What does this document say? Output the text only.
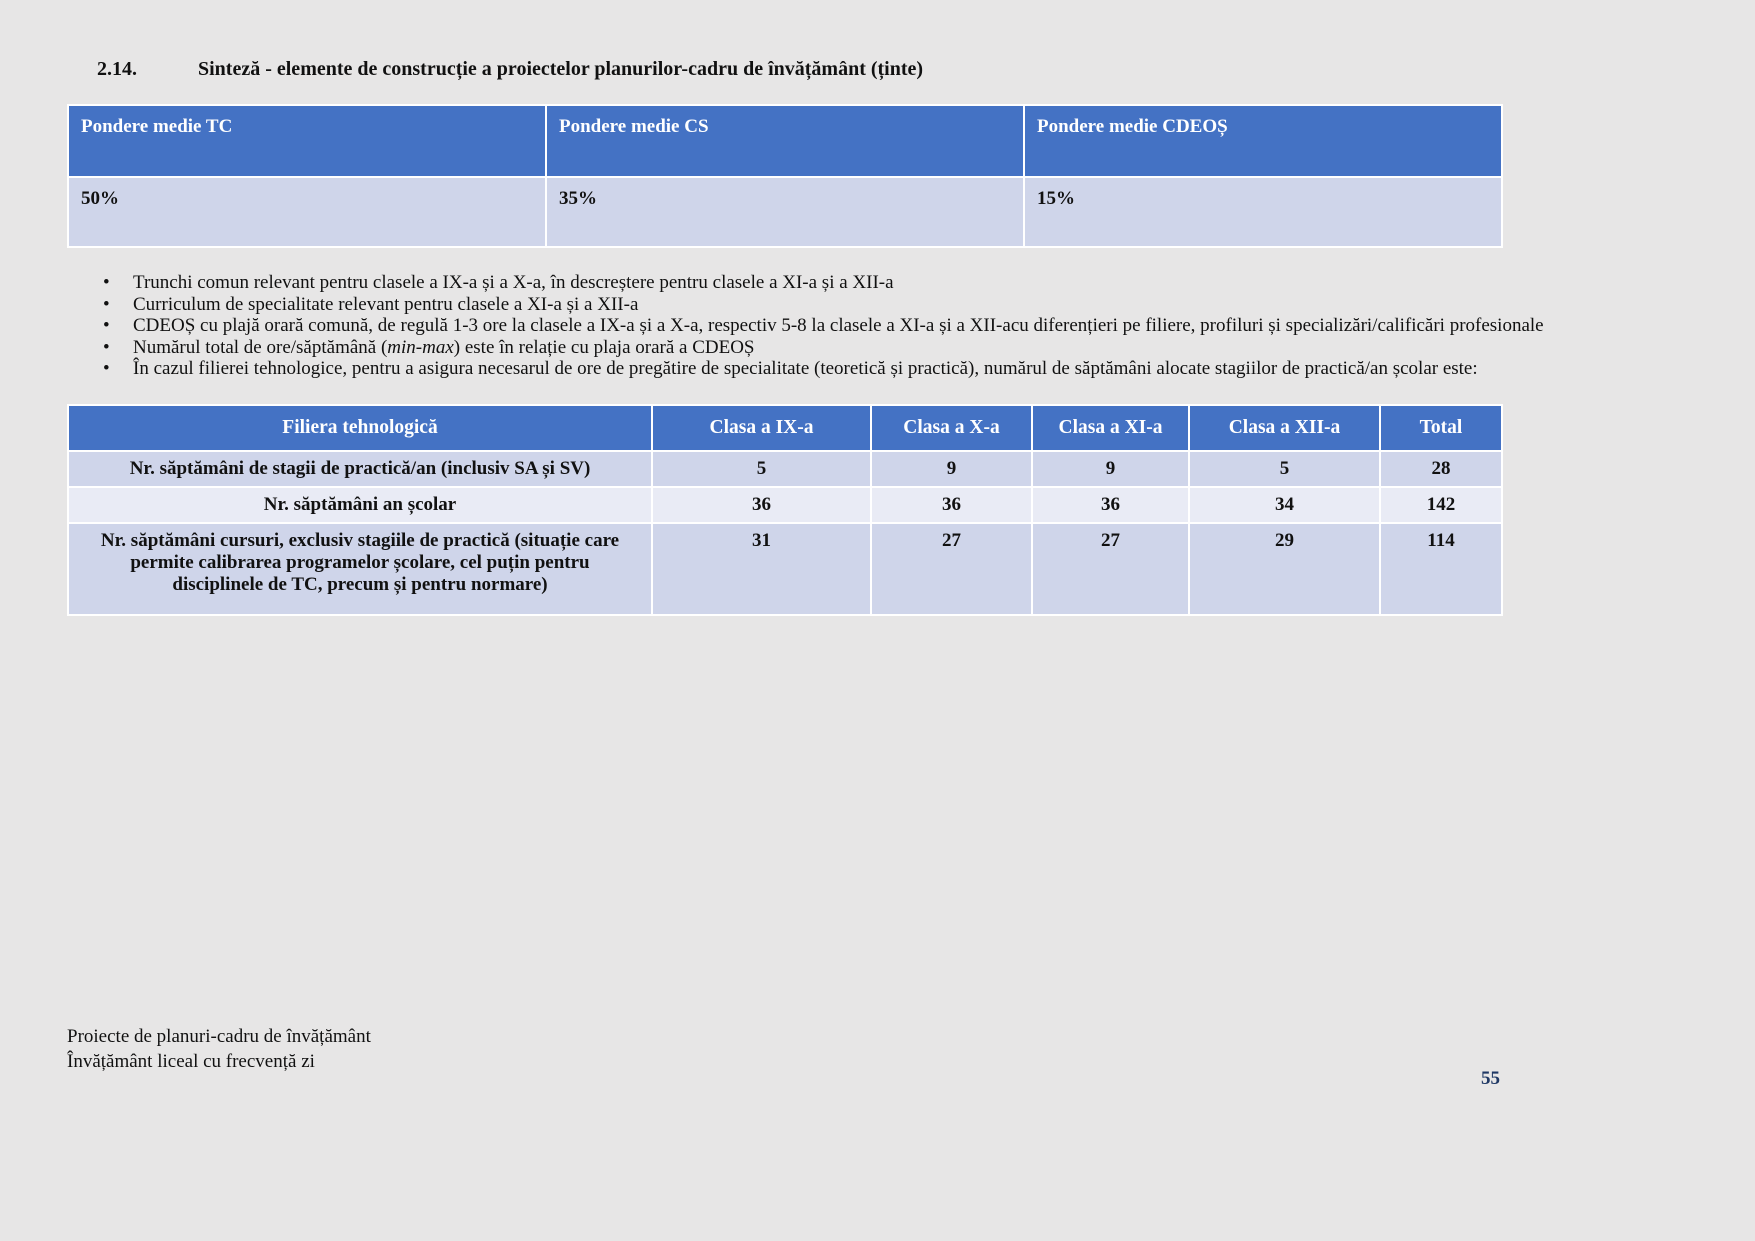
2.14.	Sinteză - elemente de construcție a proiectelor planurilor-cadru de învățământ (ținte)
Pondere medie TC	Pondere medie CS	Pondere medie CDEOȘ
50%	35%	15%
• Trunchi comun relevant pentru clasele a IX-a și a X-a, în descreștere pentru clasele a XI-a și a XII-a
• Curriculum de specialitate relevant pentru clasele a XI-a și a XII-a
• CDEOȘ cu plajă orară comună, de regulă 1-3 ore la clasele a IX-a și a X-a, respectiv 5-8 la clasele a XI-a și a XII-acu diferențieri pe filiere, profiluri și specializări/calificări profesionale
• Numărul total de ore/săptămână (min-max) este în relație cu plaja orară a CDEOȘ
• În cazul filierei tehnologice, pentru a asigura necesarul de ore de pregătire de specialitate (teoretică și practică), numărul de săptămâni alocate stagiilor de practică/an școlar este:
Filiera tehnologică	Clasa a IX-a	Clasa a X-a	Clasa a XI-a	Clasa a XII-a	Total
Nr. săptămâni de stagii de practică/an (inclusiv SA și SV)	5	9	9	5	28
Nr. săptămâni an școlar	36	36	36	34	142
Nr. săptămâni cursuri, exclusiv stagiile de practică (situație care permite calibrarea programelor școlare, cel puțin pentru disciplinele de TC, precum și pentru normare)	31	27	27	29	114
Proiecte de planuri-cadru de învățământ
Învățământ liceal cu frecvență zi
55
